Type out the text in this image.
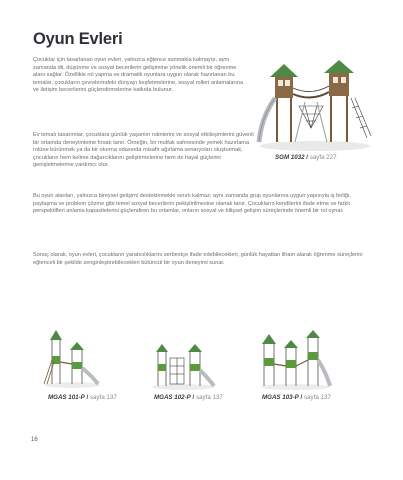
Oyun Evleri

Çocuklar için tasarlanan oyun evleri, yalnızca eğlence sunmakla kalmayıp, aynı zamanda dil, düşünme ve sosyal becerilerin gelişimine yönelik önemli bir öğrenme alanı sağlar. Özellikle rol yapma ve dramatik oyunlara uygun olarak hazırlanan bu temalar, çocukların çevrelerindeki dünyayı keşfetmelerine, sosyal rolleri anlamalarına ve iletişim becerilerini güçlendirmelerine katkıda bulunur.

Ev temalı tasarımlar, çocuklara günlük yaşamın rutinlerini ve sosyal etkileşimlerini güvenli bir ortamda deneyimleme fırsatı tanır. Örneğin, bir mutfak sahnesinde yemek hazırlama rolüne bürünmek ya da bir oturma odasında misafir ağırlama senaryoları oluşturmak, çocukların hem kelime dağarcıklarını geliştirmelerine hem de hayal güçlerini genişletmelerine yardımcı olur.

Bu oyun alanları, yalnızca bireysel gelişimi desteklemekle sınırlı kalmaz; aynı zamanda grup oyunlarına uygun yapısıyla iş birliği, paylaşma ve problem çözme gibi temel sosyal becerilerin pekiştirilmesine olanak tanır. Çocukların kendilerini ifade etme ve farklı perspektifleri anlama kapasitelerini güçlendiren bu ortamlar, onların sosyal ve bilişsel gelişim süreçlerinde önemli bir rol oynar.

Sonuç olarak, oyun evleri, çocukların yaratıcılıklarını serbestçe ifade edebilecekleri, günlük hayattan ilham alarak öğrenme süreçlerini eğlenceli bir şekilde zenginleştirebilecekleri bütüncül bir oyun deneyimi sunar.

SGM 1032 / sayfa 227
MGAS 101-P / sayfa 137	MGAS 102-P / sayfa 137	MGAS 103-P / sayfa 137
16
